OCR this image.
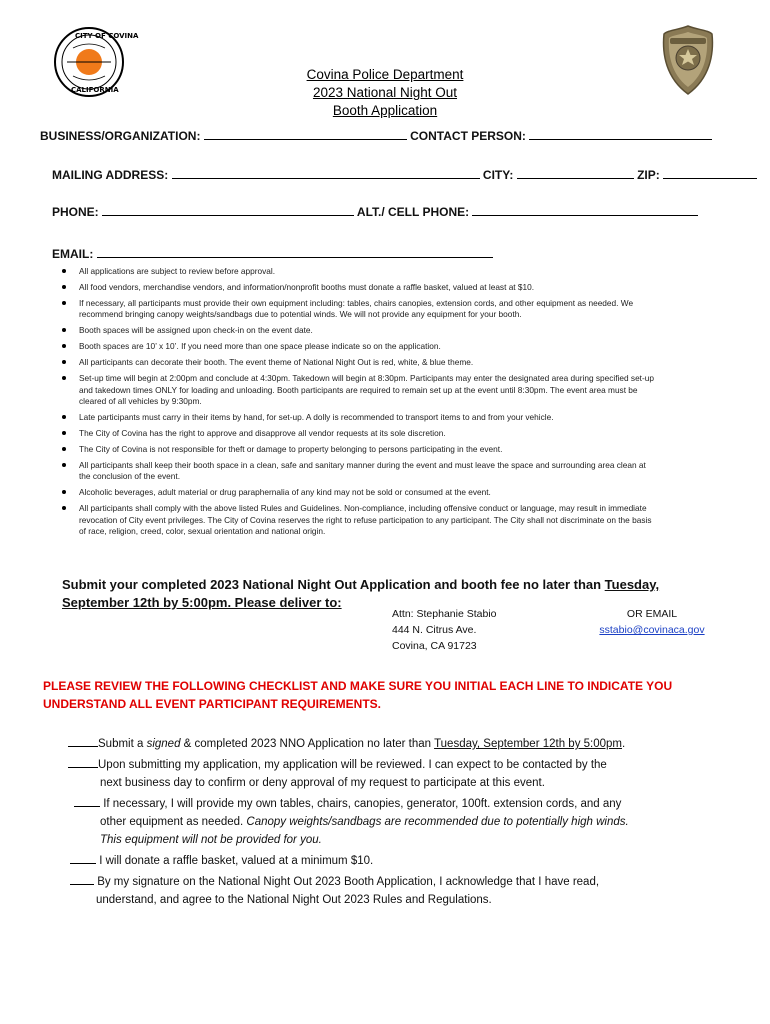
CITY OF COVINA
CALIFORNIA
Covina Police Department
2023 National Night Out
Booth Application
BUSINESS/ORGANIZATION:	CONTACT PERSON:
MAILING ADDRESS:	CITY:	ZIP:
PHONE:	ALT./ CELL PHONE:
EMAIL:
All applications are subject to review before approval.
All food vendors, merchandise vendors, and information/nonprofit booths must donate a raffle basket, valued at least at $10.
If necessary, all participants must provide their own equipment including: tables, chairs canopies, extension cords, and other equipment as needed. We recommend bringing canopy weights/sandbags due to potential winds. We will not provide any equipment for your booth.
Booth spaces will be assigned upon check-in on the event date.
Booth spaces are 10’ x 10’. If you need more than one space please indicate so on the application.
All participants can decorate their booth. The event theme of National Night Out is red, white, & blue theme.
Set-up time will begin at 2:00pm and conclude at 4:30pm. Takedown will begin at 8:30pm. Participants may enter the designated area during specified set-up and takedown times ONLY for loading and unloading. Booth participants are required to remain set up at the event until 8:30pm. The event area must be cleared of all vehicles by 9:30pm.
Late participants must carry in their items by hand, for set-up. A dolly is recommended to transport items to and from your vehicle.
The City of Covina has the right to approve and disapprove all vendor requests at its sole discretion.
The City of Covina is not responsible for theft or damage to property belonging to persons participating in the event.
All participants shall keep their booth space in a clean, safe and sanitary manner during the event and must leave the space and surrounding area clean at the conclusion of the event.
Alcoholic beverages, adult material or drug paraphernalia of any kind may not be sold or consumed at the event.
All participants shall comply with the above listed Rules and Guidelines. Non-compliance, including offensive conduct or language, may result in immediate revocation of City event privileges. The City of Covina reserves the right to refuse participation to any participant. The City shall not discriminate on the basis of race, religion, creed, color, sexual orientation and national origin.
Submit your completed 2023 National Night Out Application and booth fee no later than Tuesday, September 12th by 5:00pm. Please deliver to:
Attn: Stephanie Stabio
444 N. Citrus Ave.
Covina, CA 91723
OR EMAIL
sstabio@covinaca.gov
PLEASE REVIEW THE FOLLOWING CHECKLIST AND MAKE SURE YOU INITIAL EACH LINE TO INDICATE YOU UNDERSTAND ALL EVENT PARTICIPANT REQUIREMENTS.
Submit a signed & completed 2023 NNO Application no later than Tuesday, September 12th by 5:00pm.
Upon submitting my application, my application will be reviewed. I can expect to be contacted by the
next business day to confirm or deny approval of my request to participate at this event.
If necessary, I will provide my own tables, chairs, canopies, generator, 100ft. extension cords, and any
other equipment as needed. Canopy weights/sandbags are recommended due to potentially high winds.
This equipment will not be provided for you.
I will donate a raffle basket, valued at a minimum $10.
By my signature on the National Night Out 2023 Booth Application, I acknowledge that I have read,
understand, and agree to the National Night Out 2023 Rules and Regulations.
